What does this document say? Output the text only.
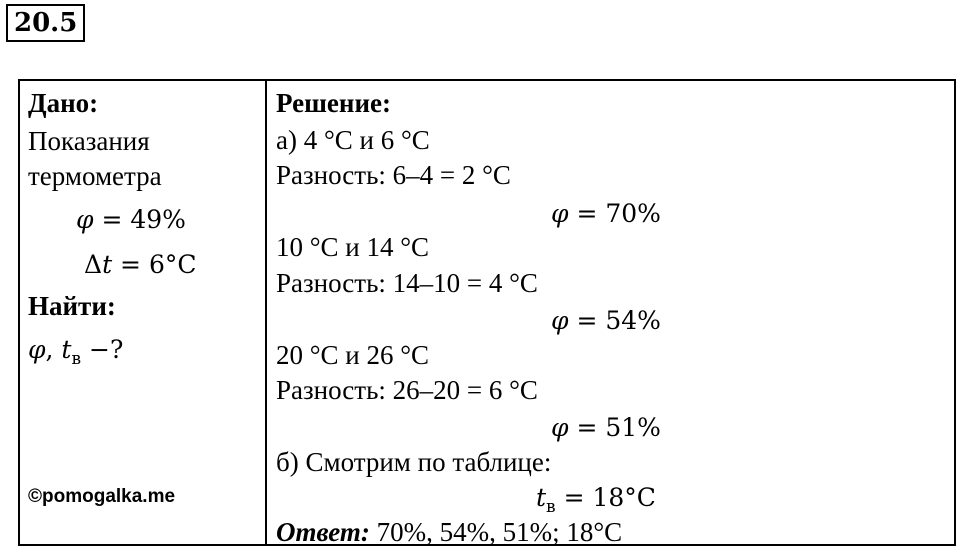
20.5
Дано:
Показания
термометра
φ = 49%
Δt = 6°C
Найти:
φ, $t_в$ −?
©pomogalka.me
Решение:
а) 4 °C и 6 °C
Разность: 6–4 = 2 °C
φ = 70%
10 °C и 14 °C
Разность: 14–10 = 4 °C
φ = 54%
20 °C и 26 °C
Разность: 26–20 = 6 °C
φ = 51%
б) Смотрим по таблице:
$t_в = 18^\circ C$
Ответ: 70%, 54%, 51%; 18°C
